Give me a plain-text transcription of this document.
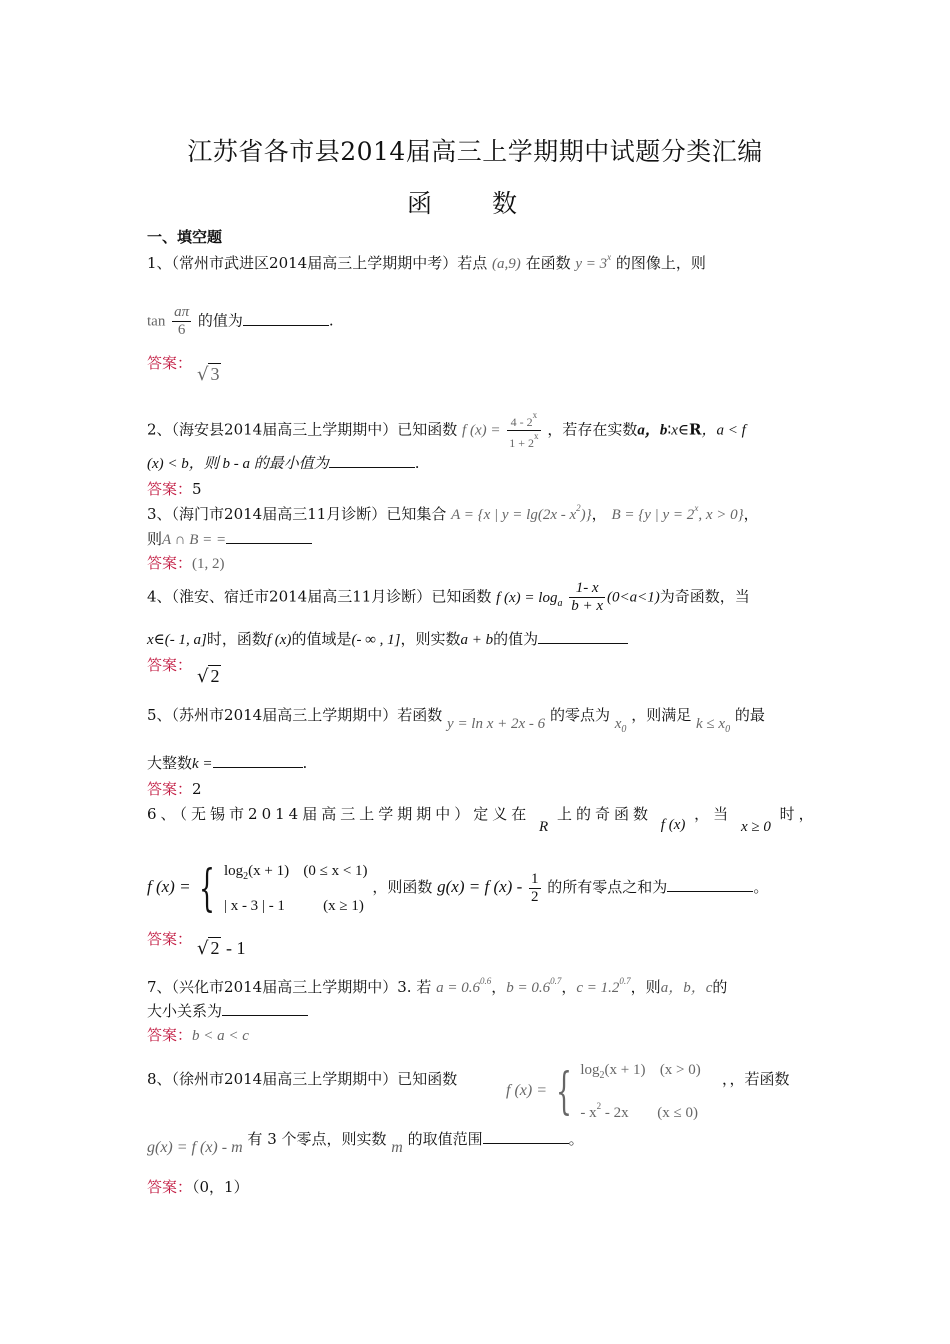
江苏省各市县2014届高三上学期期中试题分类汇编
函 数
一、填空题
1、（常州市武进区2014届高三上学期期中考）若点 (a,9) 在函数 $y = 3^x$ 的图像上，则
$\tan \frac{a\pi}{6}$ 的值为	.
答案：
√ 3
2、（海安县2014届高三上学期期中）已知函数 f $(x) = \frac{4 - 2^x}{1 + 2^x}$ ，若存在实数a，b∶x∈R，a < f
(x) < b，则 b - a 的最小值为	.
答案：5
3、（海门市2014届高三11月诊断）已知集合 A = {x | $y = \lg(2x - x^2)$}， B = {y | $y = 2^x$, x > 0}，
则A ∩ B = =
答案：(1, 2)
4、（淮安、宿迁市2014届高三11月诊断）已知函数 f $(x) = \log_a \frac{1- x}{b + x} (0<a<1)$为奇函数，当
x∈(- 1, a]时，函数f (x)的值域是(- ∞ , 1]，则实数a + b的值为
答案：
√ 2
5、（苏州市2014届高三上学期期中）若函数 y = ln x + 2x - 6 的零点为 $x_0$ ，则满足 $k \le x_0$ 的最
大整数k =	.
答案：2
6、（无锡市2014届高三上学期期中）定义在 R 上的奇函数 f (x) ，当 x ≥ 0 时，
f (x) = { $\log_2(x + 1) (0 \le x < 1)$
| x - 3 | - 1	(x ≥ 1)
，则函数 g(x) = f $(x) - \frac{1}{2}$ 的所有零点之和为	。
答案： √ 2 - 1
7、（兴化市2014届高三上学期期中）3. 若 $a = 0.6^{0.6}$，$b = 0.6^{0.7}$，$c = 1.2^{0.7}$，则a，b，c的
大小关系为
答案：b < a < c
8、（徐州市2014届高三上学期期中）已知函数
f (x) = { $\log_2(x + 1) (x > 0)$
- $x^2 - 2x$ (x ≤ 0)
，，若函数
g(x) = f (x) - m 有 3 个零点，则实数 m 的取值范围	。
答案：（0，1）
